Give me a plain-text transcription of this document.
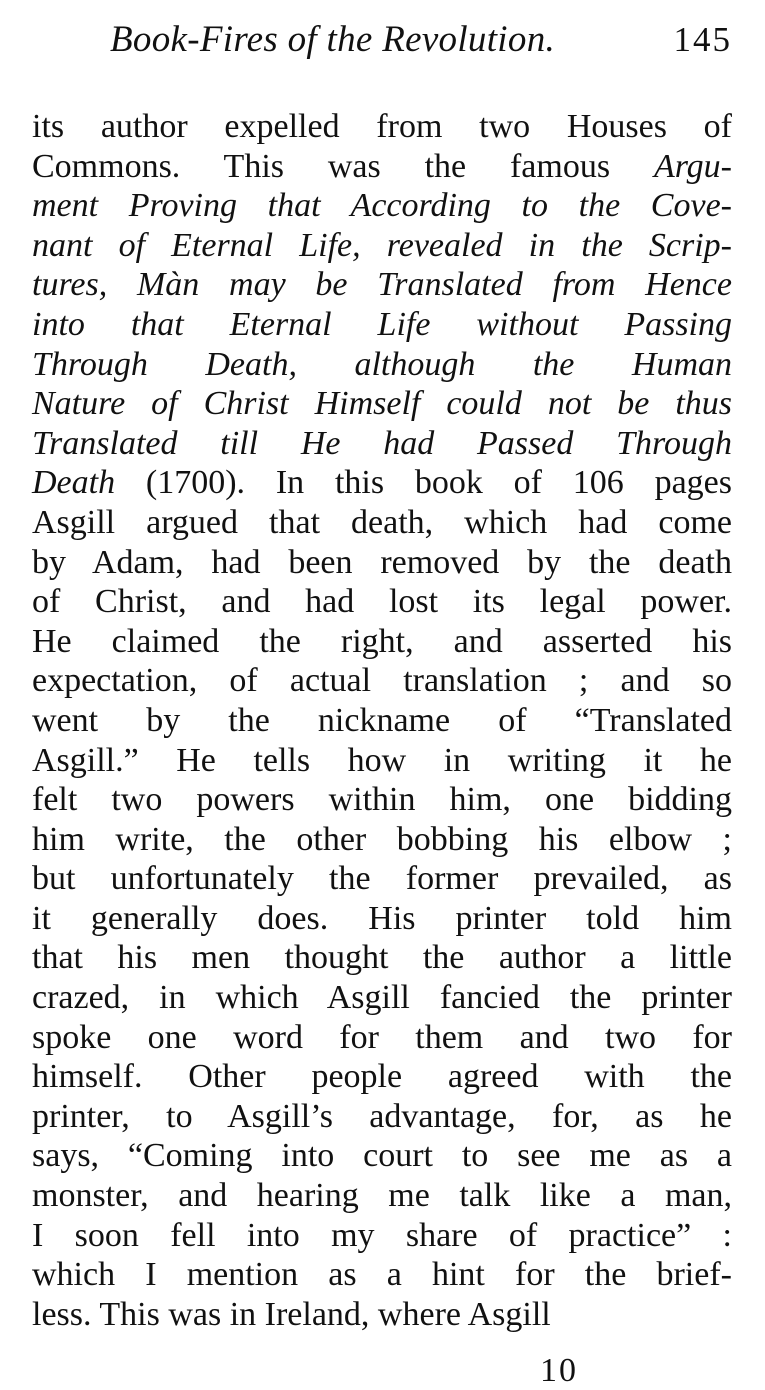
Book-Fires of the Revolution.	145
its author expelled from two Houses of
Commons. This was the famous Argu-
ment Proving that According to the Cove-
nant of Eternal Life, revealed in the Scrip-
tures, Màn may be Translated from Hence
into that Eternal Life without Passing
Through Death, although the Human
Nature of Christ Himself could not be thus
Translated till He had Passed Through
Death (1700). In this book of 106 pages
Asgill argued that death, which had come
by Adam, had been removed by the death
of Christ, and had lost its legal power.
He claimed the right, and asserted his
expectation, of actual translation ; and so
went by the nickname of “Translated
Asgill.” He tells how in writing it he
felt two powers within him, one bidding
him write, the other bobbing his elbow ;
but unfortunately the former prevailed, as
it generally does. His printer told him
that his men thought the author a little
crazed, in which Asgill fancied the printer
spoke one word for them and two for
himself. Other people agreed with the
printer, to Asgill’s advantage, for, as he
says, “Coming into court to see me as a
monster, and hearing me talk like a man,
I soon fell into my share of practice” :
which I mention as a hint for the brief-
less. This was in Ireland, where Asgill
10
